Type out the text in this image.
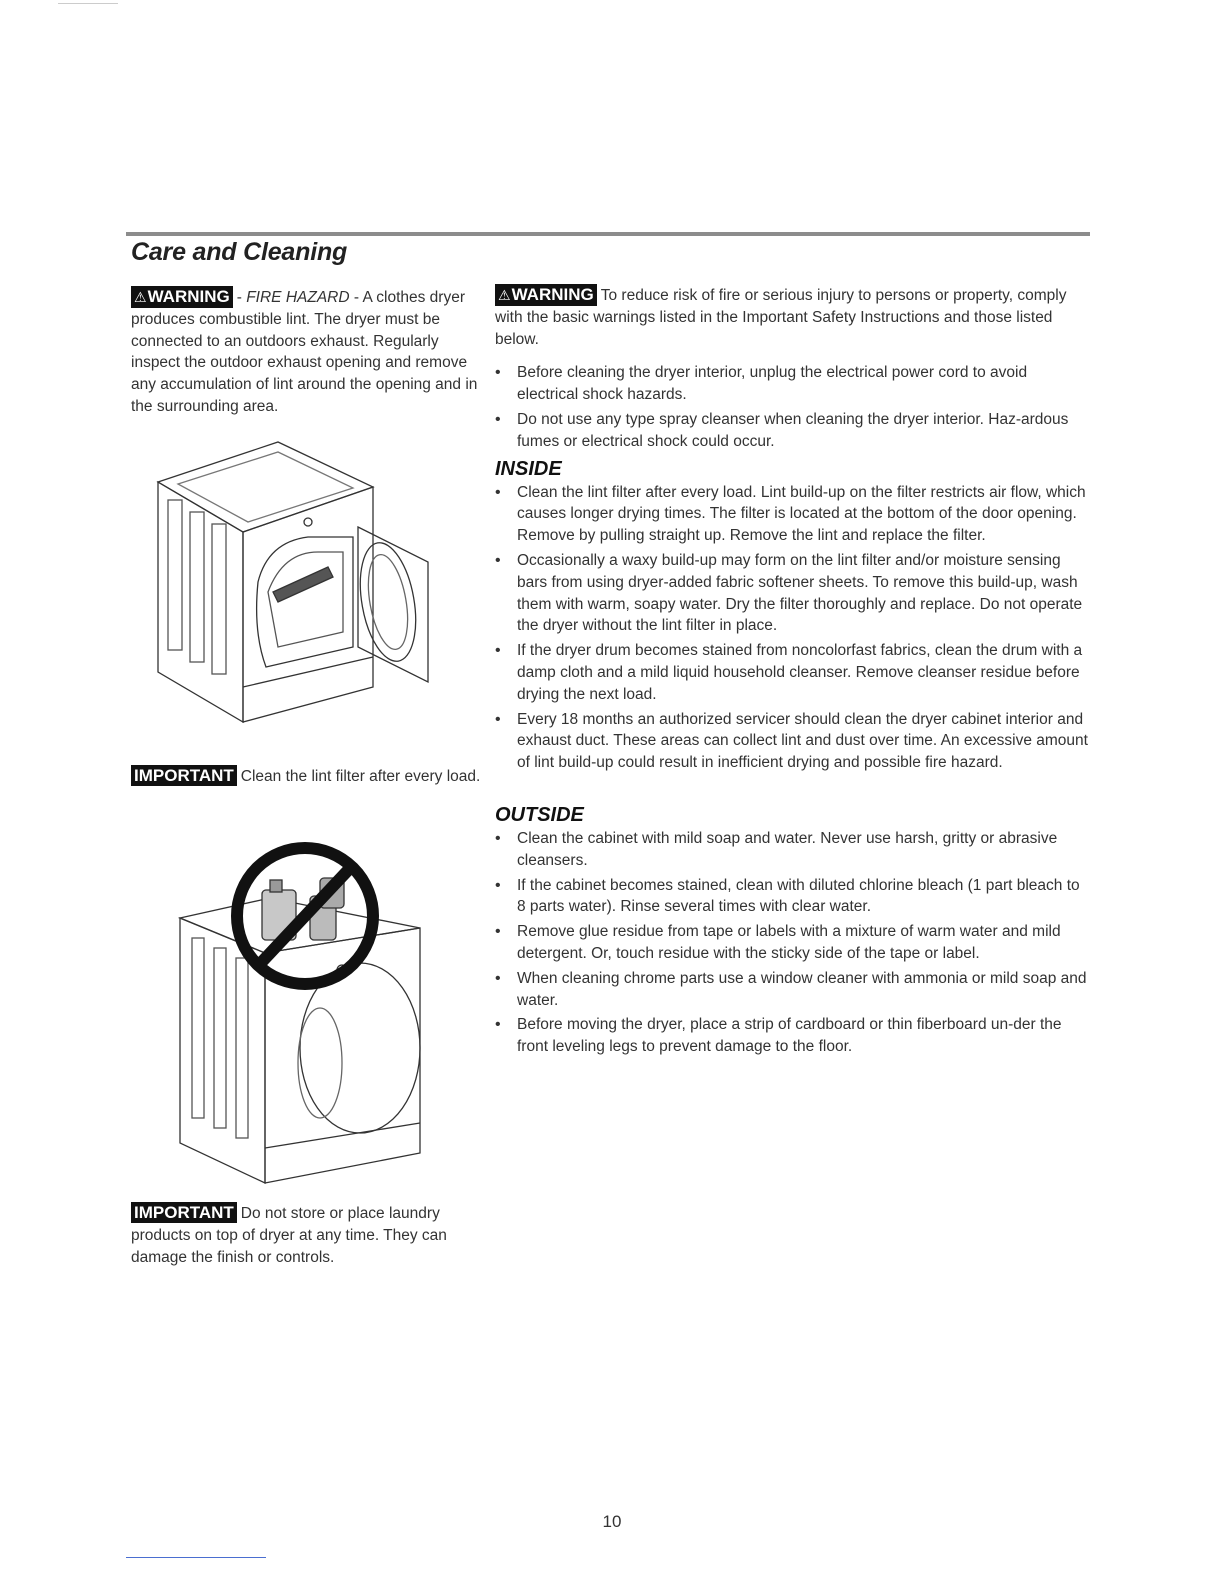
Care and Cleaning

⚠WARNING - FIRE HAZARD - A clothes dryer produces combustible lint. The dryer must be connected to an outdoors exhaust. Regularly inspect the outdoor exhaust opening and remove any accumulation of lint around the opening and in the surrounding area.

IMPORTANT Clean the lint filter after every load.

IMPORTANT Do not store or place laundry products on top of dryer at any time. They can damage the finish or controls.

⚠WARNING To reduce risk of fire or serious injury to persons or property, comply with the basic warnings listed in the Important Safety Instructions and those listed below.

• Before cleaning the dryer interior, unplug the electrical power cord to avoid electrical shock hazards.
• Do not use any type spray cleanser when cleaning the dryer interior. Haz-ardous fumes or electrical shock could occur.
INSIDE
• Clean the lint filter after every load. Lint build-up on the filter restricts air flow, which causes longer drying times. The filter is located at the bottom of the door opening. Remove by pulling straight up. Remove the lint and replace the filter.
• Occasionally a waxy build-up may form on the lint filter and/or moisture sensing bars from using dryer-added fabric softener sheets. To remove this build-up, wash them with warm, soapy water. Dry the filter thoroughly and replace. Do not operate the dryer without the lint filter in place.
• If the dryer drum becomes stained from noncolorfast fabrics, clean the drum with a damp cloth and a mild liquid household cleanser. Remove cleanser residue before drying the next load.
• Every 18 months an authorized servicer should clean the dryer cabinet interior and exhaust duct. These areas can collect lint and dust over time. An excessive amount of lint build-up could result in inefficient drying and possible fire hazard.
OUTSIDE
• Clean the cabinet with mild soap and water. Never use harsh, gritty or abrasive cleansers.
• If the cabinet becomes stained, clean with diluted chlorine bleach (1 part bleach to 8 parts water). Rinse several times with clear water.
• Remove glue residue from tape or labels with a mixture of warm water and mild detergent. Or, touch residue with the sticky side of the tape or label.
• When cleaning chrome parts use a window cleaner with ammonia or mild soap and water.
• Before moving the dryer, place a strip of cardboard or thin fiberboard un-der the front leveling legs to prevent damage to the floor.
10
